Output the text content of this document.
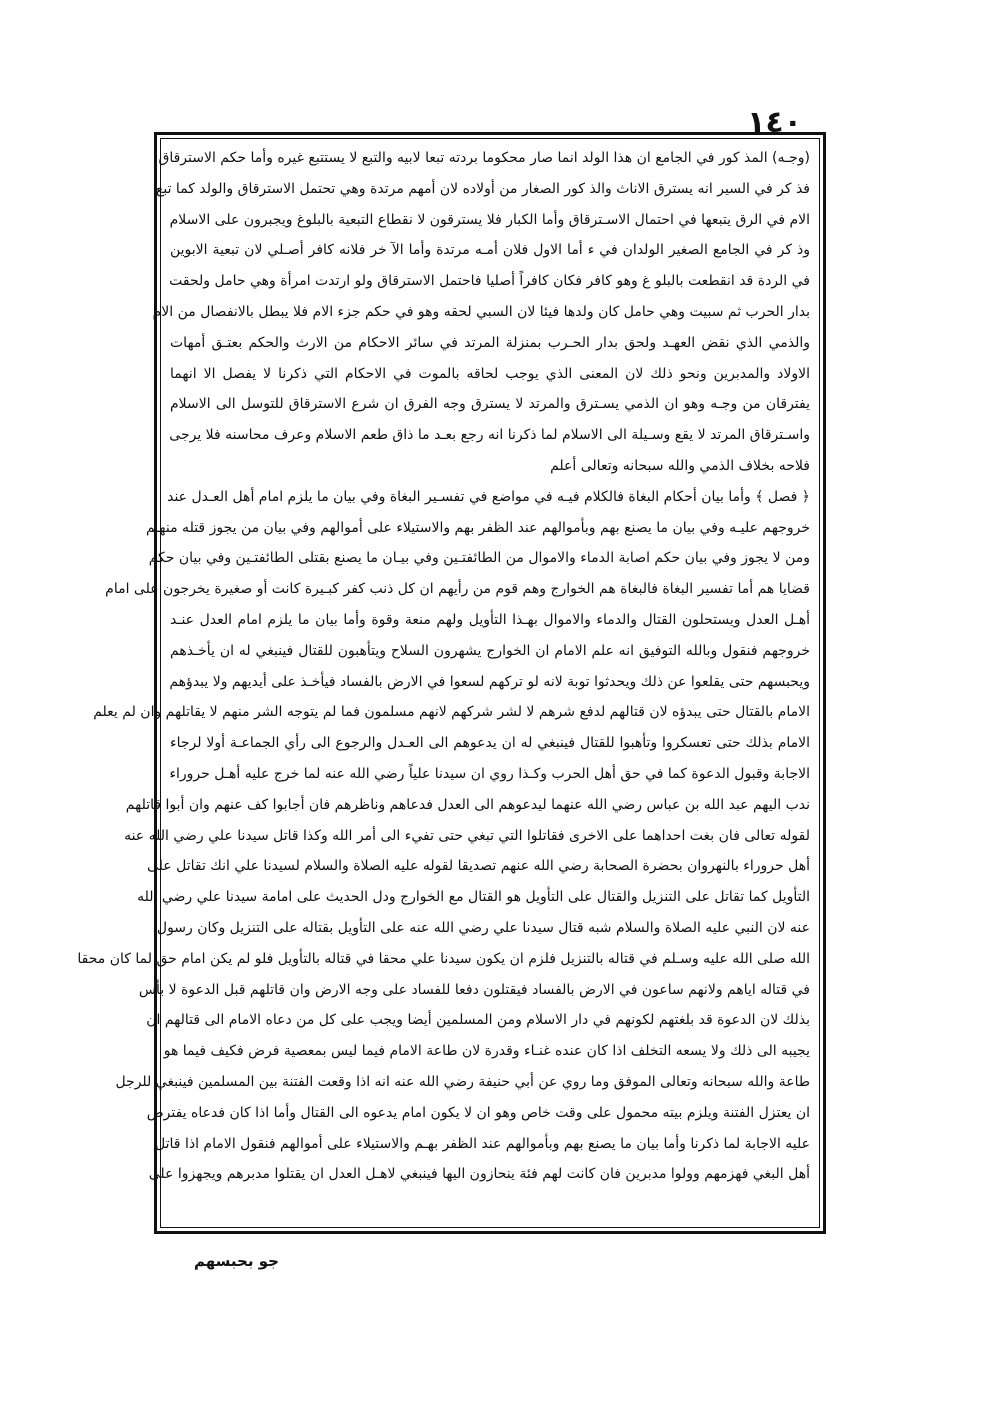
١٤٠
(وجـه) المذ كور في الجامع ان هذا الولد انما صار محكوما بردته تبعا لابيه والتبع لا يستتبع غيره وأما حكم الاسترقاق
فذ كر في السير انه يسترق الاناث والذ كور الصغار من أولاده لان أمهم مرتدة وهي تحتمل الاسترقاق والولد كما تبع
الام في الرق يتبعها في احتمال الاسـترقاق وأما الكبار فلا يسترقون لا نقطاع التبعية بالبلوغ ويجبرون على الاسلام
وذ كر في الجامع الصغير الولدان في ء أما الاول فلان أمـه مرتدة وأما الآ خر فلانه كافر أصـلي لان تبعية الابوين
في الردة قد انقطعت بالبلو غ وهو كافر فكان كافراً أصليا فاحتمل الاسترقاق ولو ارتدت امرأة وهي حامل ولحقت
بدار الحرب ثم سبيت وهي حامل كان ولدها فيئا لان السبي لحقه وهو في حكم جزء الام فلا يبطل بالانفصال من الام
والذمي الذي نقض العهـد ولحق بدار الحـرب بمنزلة المرتد في سائر الاحكام من الارث والحكم بعتـق أمهات
الاولاد والمدبرين ونحو ذلك لان المعنى الذي يوجب لحاقه بالموت في الاحكام التي ذكرنا لا يفصل الا انهما
يفترقان من وجـه وهو ان الذمي يسـترق والمرتد لا يسترق وجه الفرق ان شرع الاسترقاق للتوسل الى الاسلام
واسـترقاق المرتد لا يقع وسـيلة الى الاسلام لما ذكرنا انه رجع بعـد ما ذاق طعم الاسلام وعرف محاسنه فلا يرجى
فلاحه بخلاف الذمي والله سبحانه وتعالى أعلم
﴿ فصل ﴾ وأما بيان أحكام البغاة فالكلام فيـه في مواضع في تفسـير البغاة وفي بيان ما يلزم امام أهل العـدل عند
خروجهم عليـه وفي بيان ما يصنع بهم وبأموالهم عند الظفر بهم والاستيلاء على أموالهم وفي بيان من يجوز قتله منهـم
ومن لا يجوز وفي بيان حكم اصابة الدماء والاموال من الطائفتـين وفي بيـان ما يصنع بقتلى الطائفتـين وفي بيان حكم
قضايا هم أما تفسير البغاة فالبغاة هم الخوارج وهم قوم من رأيهم ان كل ذنب كفر كبـيرة كانت أو صغيرة يخرجون على امام
أهـل العدل ويستحلون القتال والدماء والاموال بهـذا التأويل ولهم منعة وقوة وأما بيان ما يلزم امام العدل عنـد
خروجهم فنقول وبالله التوفيق انه علم الامام ان الخوارج يشهرون السلاح ويتأهبون للقتال فينبغي له ان يأخـذهم
ويحبسهم حتى يقلعوا عن ذلك ويحدثوا توبة لانه لو تركهم لسعوا في الارض بالفساد فيأخـذ على أيديهم ولا يبدؤهم
الامام بالقتال حتى يبدؤه لان قتالهم لدفع شرهم لا لشر شركهم لانهم مسلمون فما لم يتوجه الشر منهم لا يقاتلهم وان لم يعلم
الامام بذلك حتى تعسكروا وتأهبوا للقتال فينبغي له ان يدعوهم الى العـدل والرجوع الى رأي الجماعـة أولا لرجاء
الاجابة وقبول الدعوة كما في حق أهل الحرب وكـذا روي ان سيدنا علياً رضي الله عنه لما خرج عليه أهـل حروراء
ندب اليهم عبد الله بن عباس رضي الله عنهما ليدعوهم الى العدل فدعاهم وناظرهم فان أجابوا كف عنهم وان أبوا قاتلهم
لقوله تعالى فان بغت احداهما على الاخرى فقاتلوا التي تبغي حتى تفيء الى أمر الله وكذا قاتل سيدنا علي رضي الله عنه
أهل حروراء بالنهروان بحضرة الصحابة رضي الله عنهم تصديقا لقوله عليه الصلاة والسلام لسيدنا علي انك تقاتل على
التأويل كما تقاتل على التنزيل والقتال على التأويل هو القتال مع الخوارج ودل الحديث على امامة سيدنا علي رضي الله
عنه لان النبي عليه الصلاة والسلام شبه قتال سيدنا علي رضي الله عنه على التأويل بقتاله على التنزيل وكان رسول
الله صلى الله عليه وسـلم في قتاله بالتنزيل فلزم ان يكون سيدنا علي محقا في قتاله بالتأويل فلو لم يكن امام حق لما كان محقا
في قتاله اياهم ولانهم ساعون في الارض بالفساد فيقتلون دفعا للفساد على وجه الارض وان قاتلهم قبل الدعوة لا بأس
بذلك لان الدعوة قد بلغتهم لكونهم في دار الاسلام ومن المسلمين أيضا ويجب على كل من دعاه الامام الى قتالهم ان
يجيبه الى ذلك ولا يسعه التخلف اذا كان عنده غنـاء وقدرة لان طاعة الامام فيما ليس بمعصية فرض فكيف فيما هو
طاعة والله سبحانه وتعالى الموفق وما روي عن أبي حنيفة رضي الله عنه انه اذا وقعت الفتنة بين المسلمين فينبغي للرجل
ان يعتزل الفتنة ويلزم بيته محمول على وقت خاص وهو ان لا يكون امام يدعوه الى القتال وأما اذا كان فدعاه يفترض
عليه الاجابة لما ذكرنا وأما بيان ما يصنع بهم وبأموالهم عند الظفر بهـم والاستيلاء على أموالهم فنقول الامام اذا قاتل
أهل البغي فهزمهم وولوا مدبرين فان كانت لهم فئة ينحازون اليها فينبغي لاهـل العدل ان يقتلوا مدبرهم ويجهزوا على
جو بحبسهم
